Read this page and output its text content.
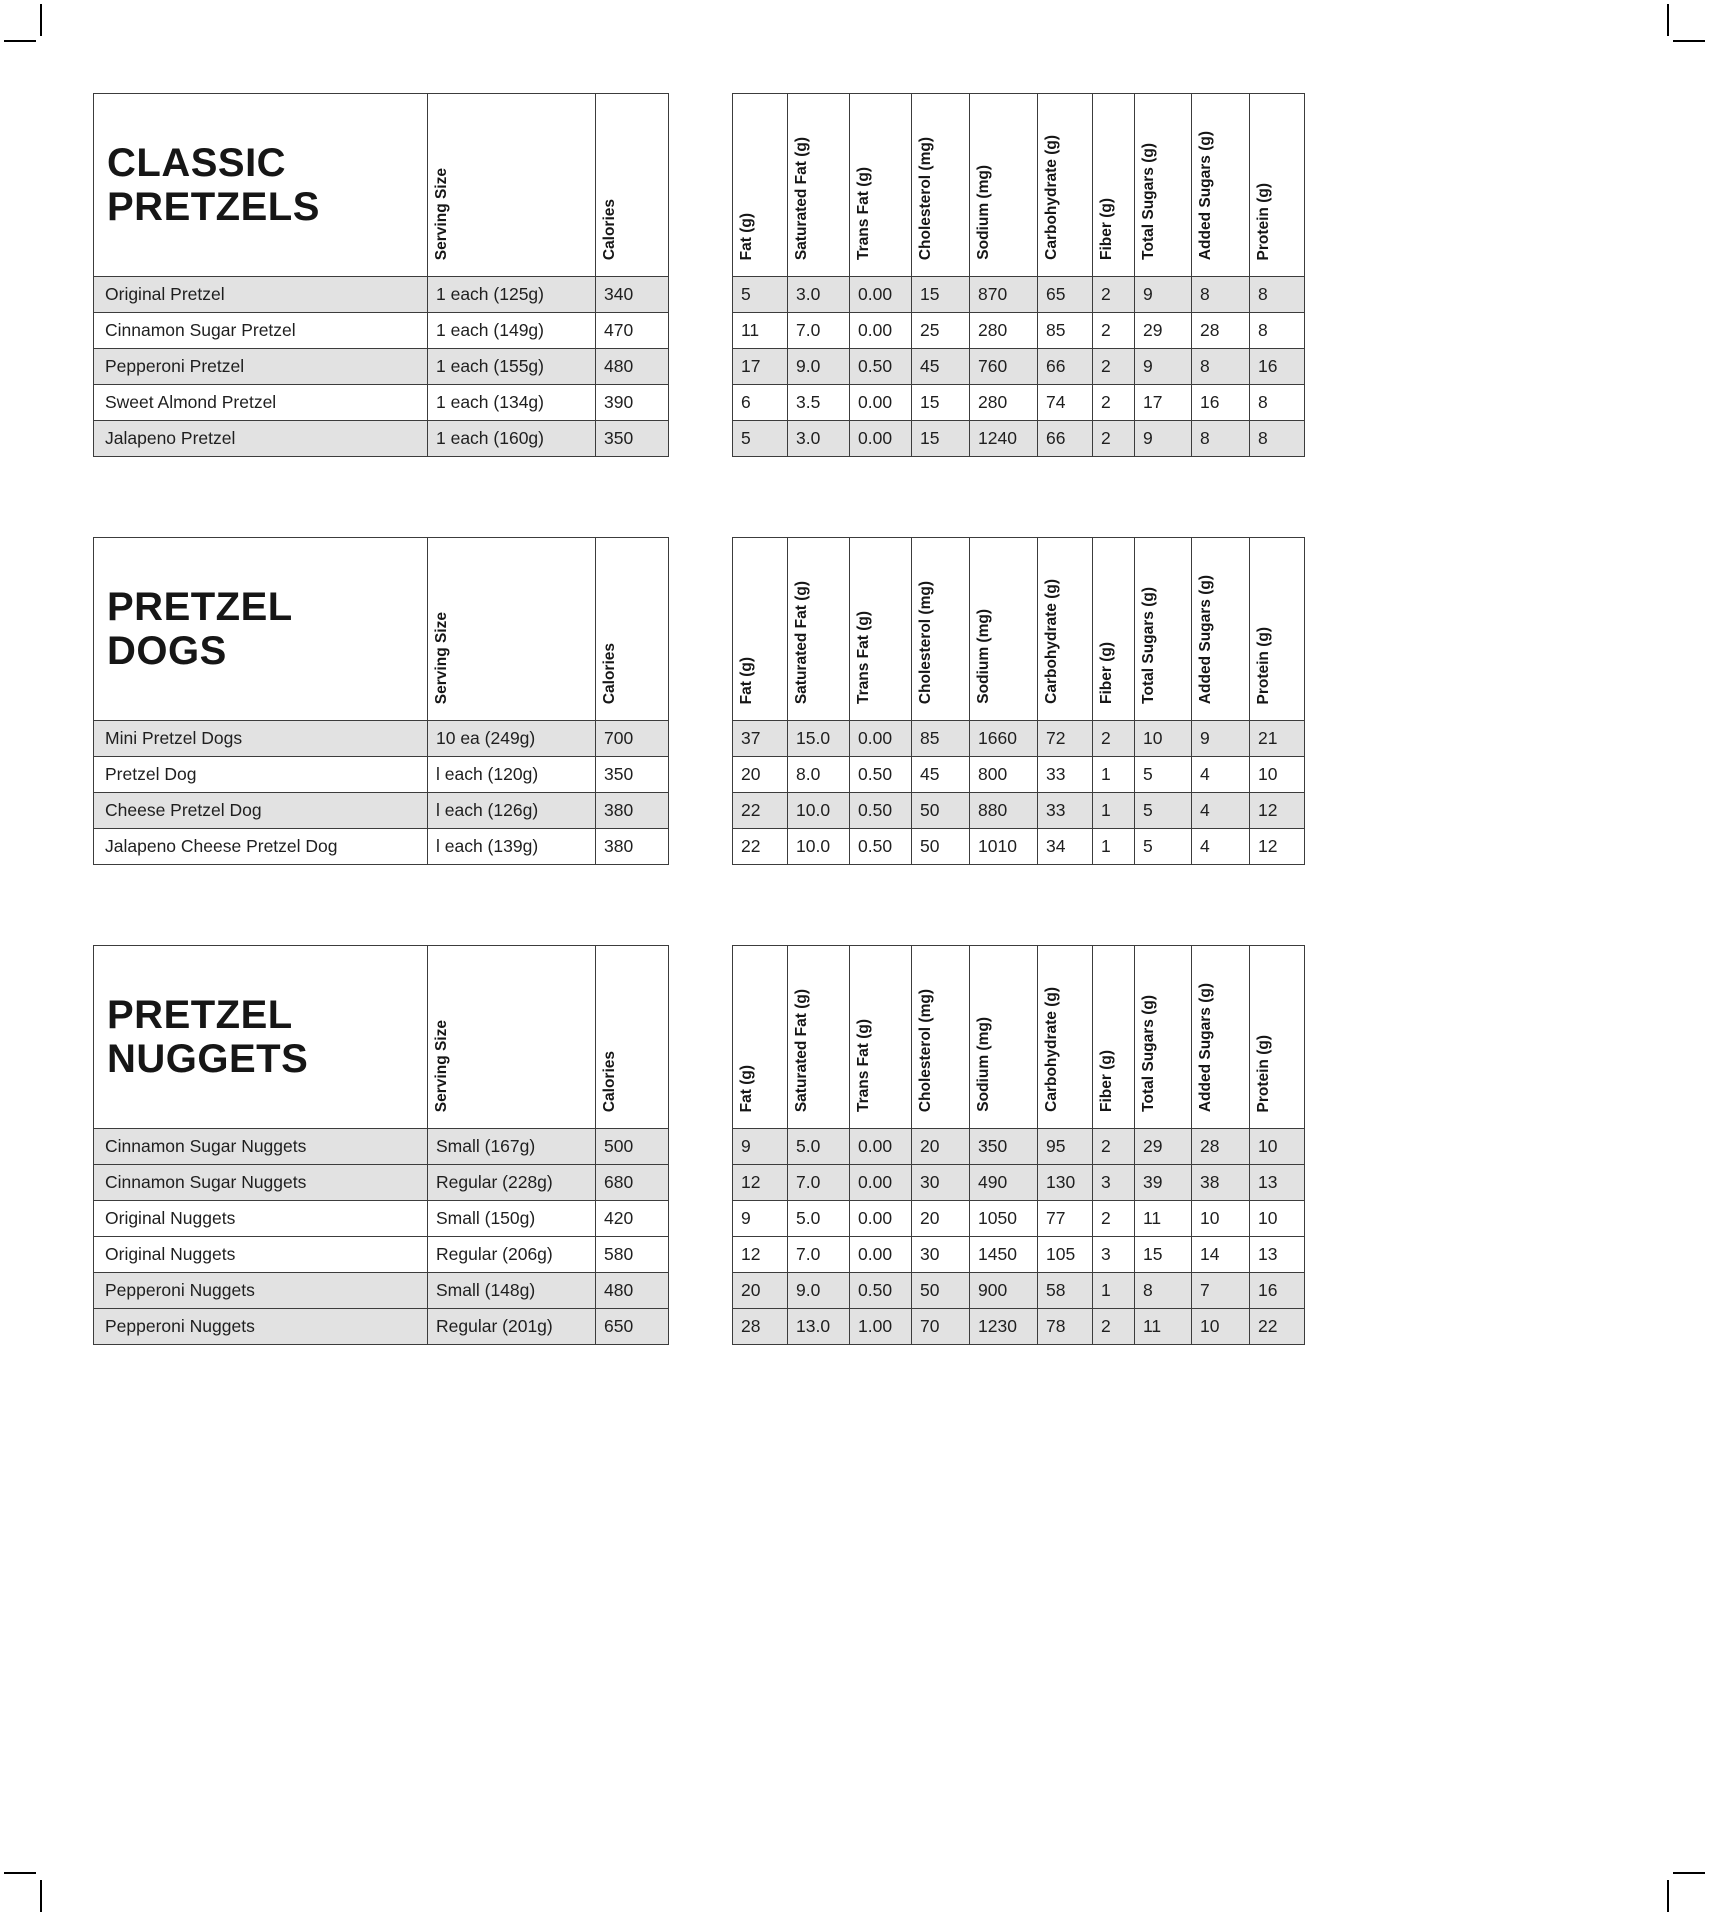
CLASSIC
PRETZELS	Serving Size	Calories
Original Pretzel	1 each (125g)	340
Cinnamon Sugar Pretzel	1 each (149g)	470
Pepperoni Pretzel	1 each (155g)	480
Sweet Almond Pretzel	1 each (134g)	390
Jalapeno Pretzel	1 each (160g)	350
Fat (g)	Saturated Fat (g)	Trans Fat (g)	Cholesterol (mg)	Sodium (mg)	Carbohydrate (g)	Fiber (g)	Total Sugars (g)	Added Sugars (g)	Protein (g)
5	3.0	0.00	15	870	65	2	9	8	8
11	7.0	0.00	25	280	85	2	29	28	8
17	9.0	0.50	45	760	66	2	9	8	16
6	3.5	0.00	15	280	74	2	17	16	8
5	3.0	0.00	15	1240	66	2	9	8	8
PRETZEL
DOGS	Serving Size	Calories
Mini Pretzel Dogs	10 ea (249g)	700
Pretzel Dog	l each (120g)	350
Cheese Pretzel Dog	l each (126g)	380
Jalapeno Cheese Pretzel Dog	l each (139g)	380
Fat (g)	Saturated Fat (g)	Trans Fat (g)	Cholesterol (mg)	Sodium (mg)	Carbohydrate (g)	Fiber (g)	Total Sugars (g)	Added Sugars (g)	Protein (g)
37	15.0	0.00	85	1660	72	2	10	9	21
20	8.0	0.50	45	800	33	1	5	4	10
22	10.0	0.50	50	880	33	1	5	4	12
22	10.0	0.50	50	1010	34	1	5	4	12
PRETZEL
NUGGETS	Serving Size	Calories
Cinnamon Sugar Nuggets	Small (167g)	500
Cinnamon Sugar Nuggets	Regular (228g)	680
Original Nuggets	Small (150g)	420
Original Nuggets	Regular (206g)	580
Pepperoni Nuggets	Small (148g)	480
Pepperoni Nuggets	Regular (201g)	650
Fat (g)	Saturated Fat (g)	Trans Fat (g)	Cholesterol (mg)	Sodium (mg)	Carbohydrate (g)	Fiber (g)	Total Sugars (g)	Added Sugars (g)	Protein (g)
9	5.0	0.00	20	350	95	2	29	28	10
12	7.0	0.00	30	490	130	3	39	38	13
9	5.0	0.00	20	1050	77	2	11	10	10
12	7.0	0.00	30	1450	105	3	15	14	13
20	9.0	0.50	50	900	58	1	8	7	16
28	13.0	1.00	70	1230	78	2	11	10	22
